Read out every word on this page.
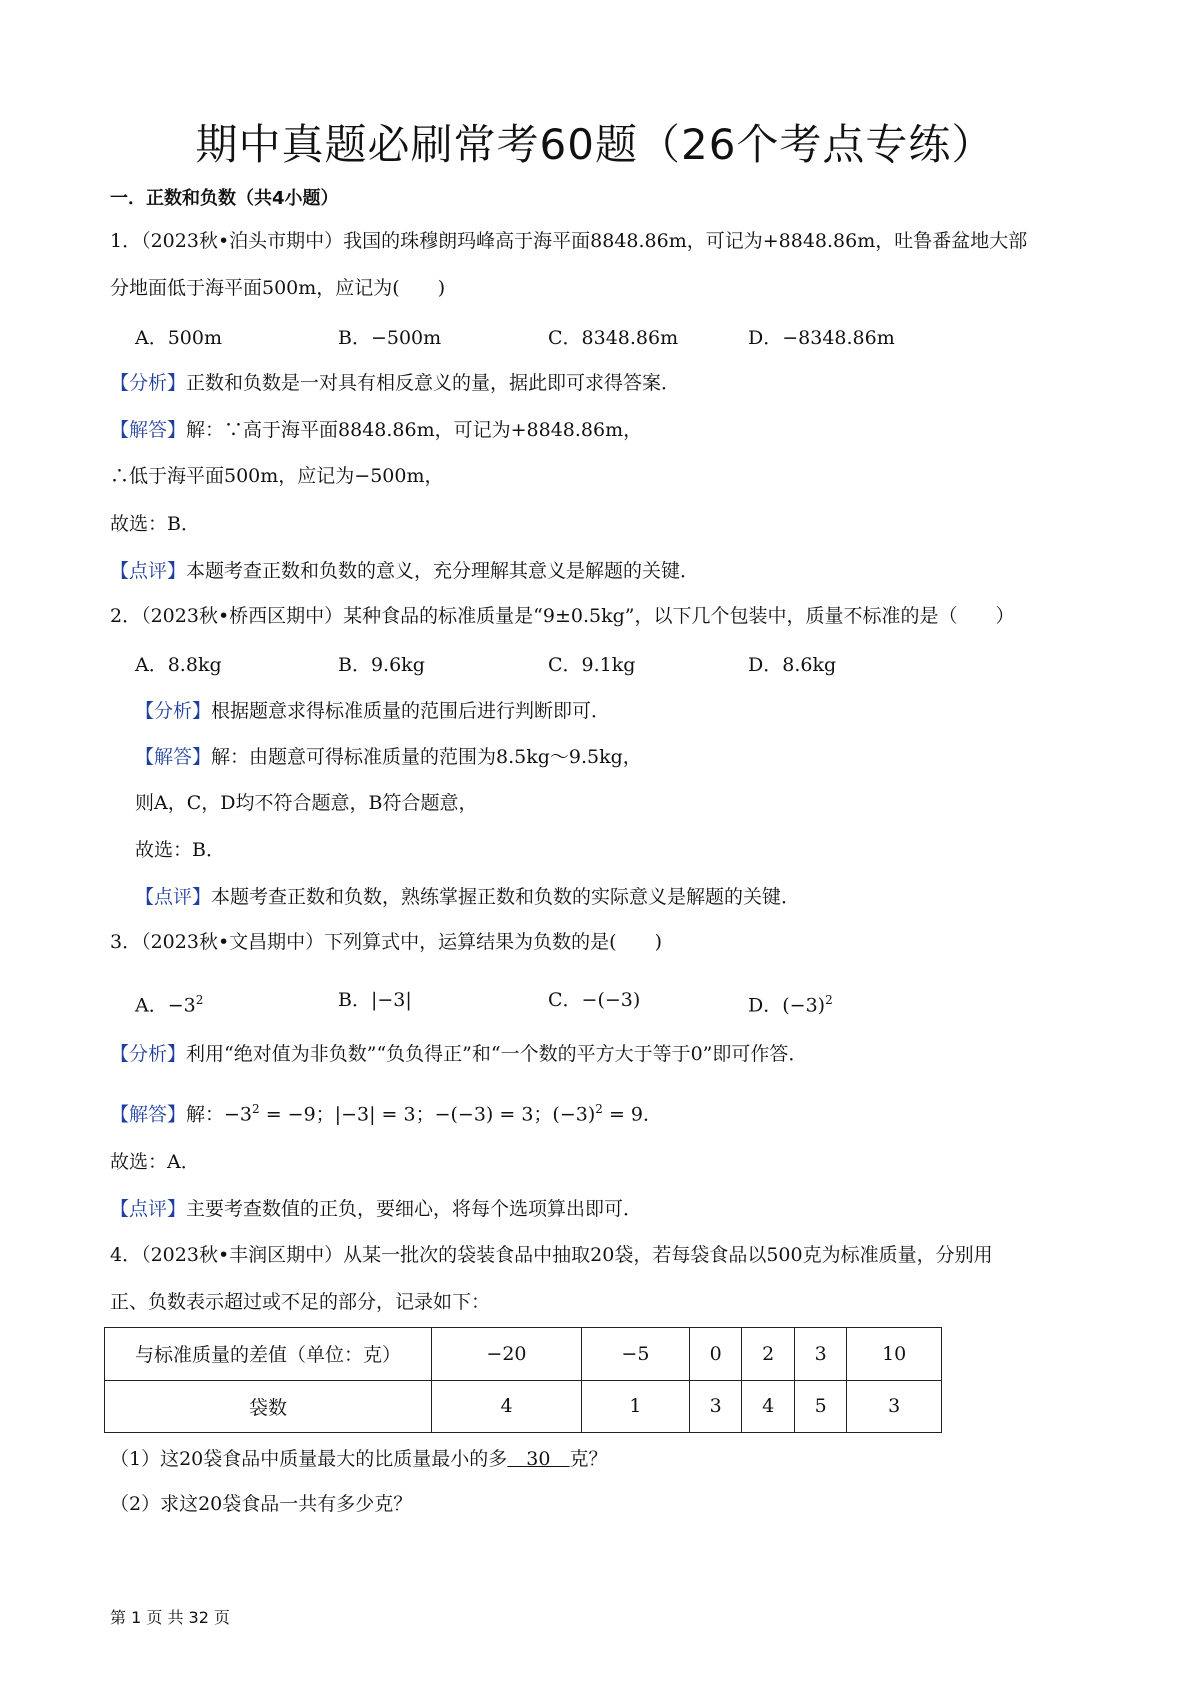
期中真题必刷常考60题（26个考点专练）
一．正数和负数（共4小题）
1．（2023秋•泊头市期中）我国的珠穆朗玛峰高于海平面8848.86m，可记为+8848.86m，吐鲁番盆地大部
分地面低于海平面500m，应记为(　　)
A．500m	B．−500m	C．8348.86m	D．−8348.86m
【分析】正数和负数是一对具有相反意义的量，据此即可求得答案．
【解答】解：∵高于海平面8848.86m，可记为+8848.86m，
∴低于海平面500m，应记为−500m，
故选：B．
【点评】本题考查正数和负数的意义，充分理解其意义是解题的关键．
2．（2023秋•桥西区期中）某种食品的标准质量是“9±0.5kg”，以下几个包装中，质量不标准的是（　　）
A．8.8kg	B．9.6kg	C．9.1kg	D．8.6kg
【分析】根据题意求得标准质量的范围后进行判断即可．
【解答】解：由题意可得标准质量的范围为8.5kg～9.5kg，
则A，C，D均不符合题意，B符合题意，
故选：B．
【点评】本题考查正数和负数，熟练掌握正数和负数的实际意义是解题的关键．
3．（2023秋•文昌期中）下列算式中，运算结果为负数的是(　　)
A．$-3^2$	B．|−3|	C．−(−3)	D．$(-3)^2$
【分析】利用“绝对值为非负数”“负负得正”和“一个数的平方大于等于0”即可作答．
【解答】解：$-3^2 = -9$；|−3| = 3；−(−3) = 3；$(-3)^2 = 9$．
故选：A．
【点评】主要考查数值的正负，要细心，将每个选项算出即可．
4．（2023秋•丰润区期中）从某一批次的袋装食品中抽取20袋，若每袋食品以500克为标准质量，分别用
正、负数表示超过或不足的部分，记录如下：
与标准质量的差值（单位：克）	−20	−5	0	2	3	10
袋数	4	1	3	4	5	3
（1）这20袋食品中质量最大的比质量最小的多　30　克？
（2）求这20袋食品一共有多少克？
第 1 页 共 32 页
